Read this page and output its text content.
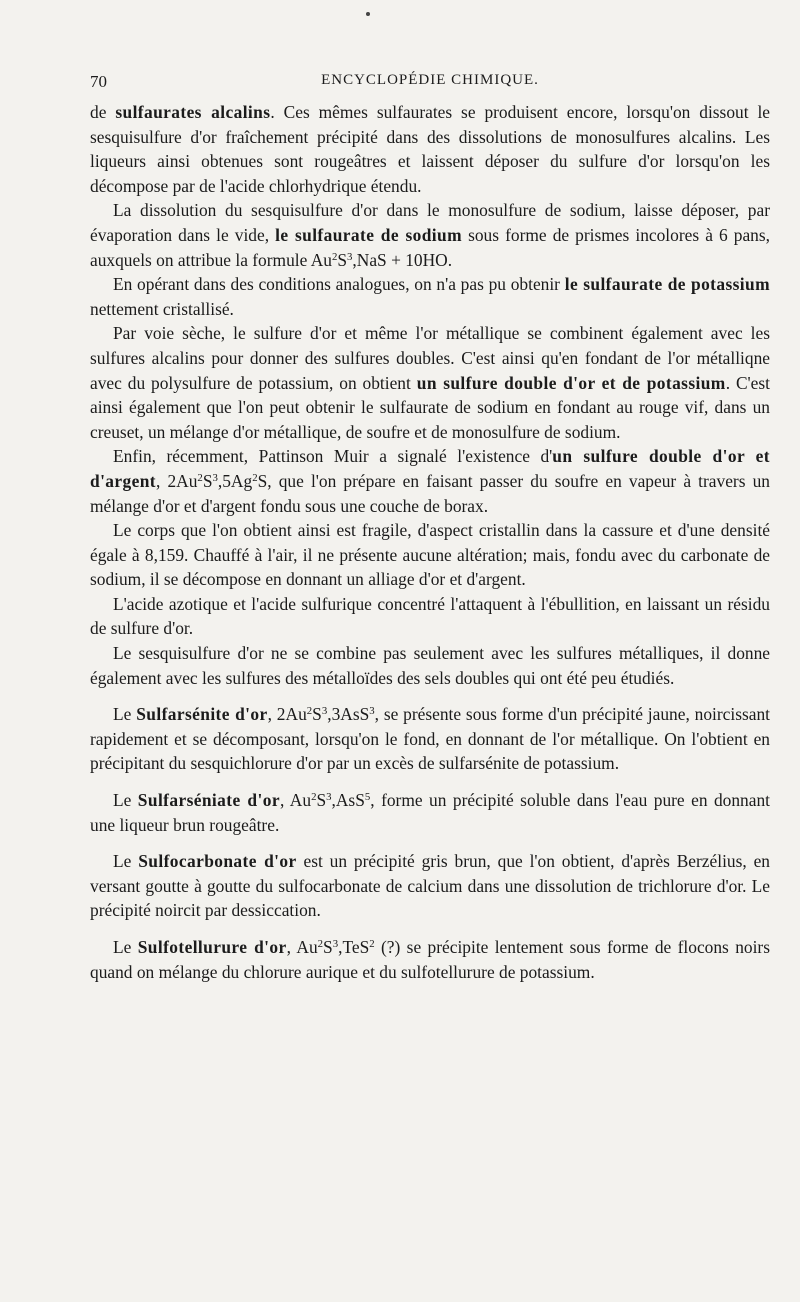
70	ENCYCLOPÉDIE CHIMIQUE.

de sulfaurates alcalins. Ces mêmes sulfaurates se produisent encore, lorsqu'on dissout le sesquisulfure d'or fraîchement précipité dans des dissolutions de monosulfures alcalins. Les liqueurs ainsi obtenues sont rougeâtres et laissent déposer du sulfure d'or lorsqu'on les décompose par de l'acide chlorhydrique étendu.

La dissolution du sesquisulfure d'or dans le monosulfure de sodium, laisse déposer, par évaporation dans le vide, le sulfaurate de sodium sous forme de prismes incolores à 6 pans, auxquels on attribue la formule $Au^2S^3,NaS + 10HO$.

En opérant dans des conditions analogues, on n'a pas pu obtenir le sulfaurate de potassium nettement cristallisé.

Par voie sèche, le sulfure d'or et même l'or métallique se combinent également avec les sulfures alcalins pour donner des sulfures doubles. C'est ainsi qu'en fondant de l'or métalliqne avec du polysulfure de potassium, on obtient un sulfure double d'or et de potassium. C'est ainsi également que l'on peut obtenir le sulfaurate de sodium en fondant au rouge vif, dans un creuset, un mélange d'or métallique, de soufre et de monosulfure de sodium.

Enfin, récemment, Pattinson Muir a signalé l'existence d'un sulfure double d'or et d'argent, $2Au^2S^3,5Ag^2S$, que l'on prépare en faisant passer du soufre en vapeur à travers un mélange d'or et d'argent fondu sous une couche de borax.

Le corps que l'on obtient ainsi est fragile, d'aspect cristallin dans la cassure et d'une densité égale à 8,159. Chauffé à l'air, il ne présente aucune altération; mais, fondu avec du carbonate de sodium, il se décompose en donnant un alliage d'or et d'argent.

L'acide azotique et l'acide sulfurique concentré l'attaquent à l'ébullition, en laissant un résidu de sulfure d'or.

Le sesquisulfure d'or ne se combine pas seulement avec les sulfures métalliques, il donne également avec les sulfures des métalloïdes des sels doubles qui ont été peu étudiés.

Le Sulfarsénite d'or, $2Au^2S^3,3AsS^3$, se présente sous forme d'un précipité jaune, noircissant rapidement et se décomposant, lorsqu'on le fond, en donnant de l'or métallique. On l'obtient en précipitant du sesquichlorure d'or par un excès de sulfarsénite de potassium.

Le Sulfarséniate d'or, $Au^2S^3,AsS^5$, forme un précipité soluble dans l'eau pure en donnant une liqueur brun rougeâtre.

Le Sulfocarbonate d'or est un précipité gris brun, que l'on obtient, d'après Berzélius, en versant goutte à goutte du sulfocarbonate de calcium dans une dissolution de trichlorure d'or. Le précipité noircit par dessiccation.

Le Sulfotellurure d'or, $Au^2S^3,TeS^2$ (?) se précipite lentement sous forme de flocons noirs quand on mélange du chlorure aurique et du sulfotellurure de potassium.
